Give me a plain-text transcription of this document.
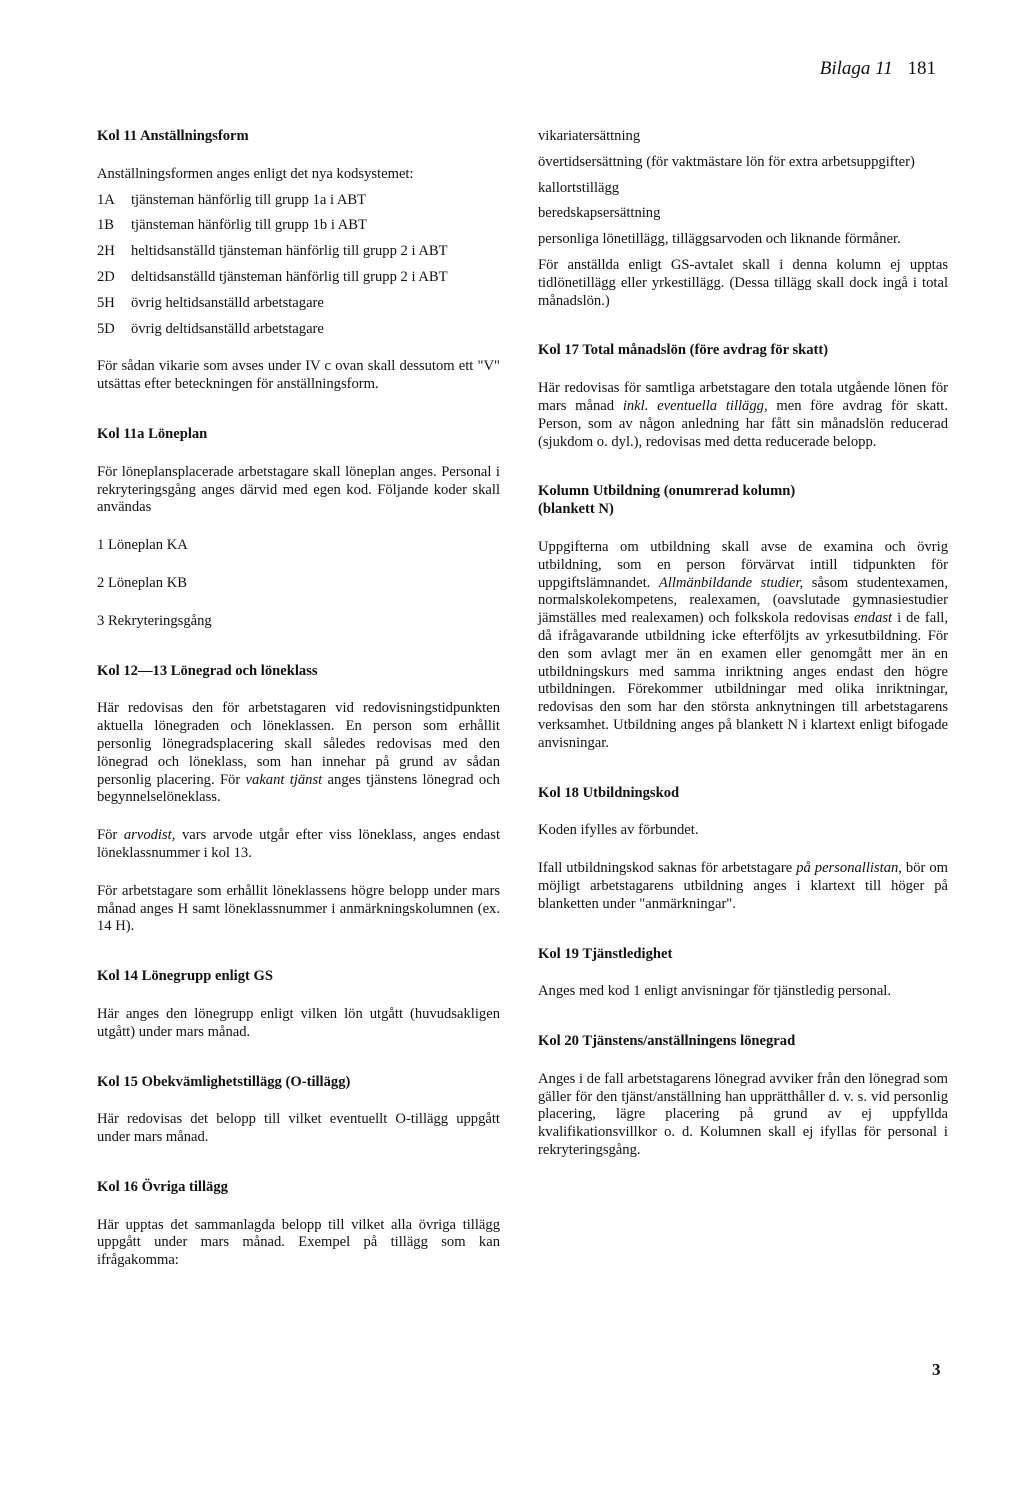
Bilaga 11 181

Kol 11 Anställningsform

Anställningsformen anges enligt det nya kodsystemet:

1A	tjänsteman hänförlig till grupp 1a i ABT
1B	tjänsteman hänförlig till grupp 1b i ABT
2H	heltidsanställd tjänsteman hänförlig till grupp 2 i ABT
2D	deltidsanställd tjänsteman hänförlig till grupp 2 i ABT
5H	övrig heltidsanställd arbetstagare
5D	övrig deltidsanställd arbetstagare

För sådan vikarie som avses under IV c ovan skall dessutom ett "V" utsättas efter beteckningen för anställningsform.

Kol 11a Löneplan

För löneplansplacerade arbetstagare skall löneplan anges. Personal i rekryteringsgång anges därvid med egen kod. Följande koder skall användas

1 Löneplan KA

2 Löneplan KB

3 Rekryteringsgång

Kol 12—13 Lönegrad och löneklass

Här redovisas den för arbetstagaren vid redovisningstidpunkten aktuella lönegraden och löneklassen. En person som erhållit personlig lönegradsplacering skall således redovisas med den lönegrad och löneklass, som han innehar på grund av sådan personlig placering. För vakant tjänst anges tjänstens lönegrad och begynnelselöneklass.

För arvodist, vars arvode utgår efter viss löneklass, anges endast löneklassnummer i kol 13.

För arbetstagare som erhållit löneklassens högre belopp under mars månad anges H samt löneklassnummer i anmärkningskolumnen (ex. 14 H).

Kol 14 Lönegrupp enligt GS

Här anges den lönegrupp enligt vilken lön utgått (huvudsakligen utgått) under mars månad.

Kol 15 Obekvämlighetstillägg (O-tillägg)

Här redovisas det belopp till vilket eventuellt O-tillägg uppgått under mars månad.

Kol 16 Övriga tillägg

Här upptas det sammanlagda belopp till vilket alla övriga tillägg uppgått under mars månad. Exempel på tillägg som kan ifrågakomma:

vikariatersättning

övertidsersättning (för vaktmästare lön för extra arbetsuppgifter)

kallortstillägg

beredskapsersättning

personliga lönetillägg, tilläggsarvoden och liknande förmåner.

För anställda enligt GS-avtalet skall i denna kolumn ej upptas tidlönetillägg eller yrkestillägg. (Dessa tillägg skall dock ingå i total månadslön.)

Kol 17 Total månadslön (före avdrag för skatt)

Här redovisas för samtliga arbetstagare den totala utgående lönen för mars månad inkl. eventuella tillägg, men före avdrag för skatt. Person, som av någon anledning har fått sin månadslön reducerad (sjukdom o. dyl.), redovisas med detta reducerade belopp.

Kolumn Utbildning (onumrerad kolumn)

(blankett N)

Uppgifterna om utbildning skall avse de examina och övrig utbildning, som en person förvärvat intill tidpunkten för uppgiftslämnandet. Allmänbildande studier, såsom studentexamen, normalskolekompetens, realexamen, (oavslutade gymnasiestudier jämställes med realexamen) och folkskola redovisas endast i de fall, då ifrågavarande utbildning icke efterföljts av yrkesutbildning. För den som avlagt mer än en examen eller genomgått mer än en utbildningskurs med samma inriktning anges endast den högre utbildningen. Förekommer utbildningar med olika inriktningar, redovisas den som har den största anknytningen till arbetstagarens verksamhet. Utbildning anges på blankett N i klartext enligt bifogade anvisningar.

Kol 18 Utbildningskod

Koden ifylles av förbundet.

Ifall utbildningskod saknas för arbetstagare på personallistan, bör om möjligt arbetstagarens utbildning anges i klartext till höger på blanketten under "anmärkningar".

Kol 19 Tjänstledighet

Anges med kod 1 enligt anvisningar för tjänstledig personal.

Kol 20 Tjänstens/anställningens lönegrad

Anges i de fall arbetstagarens lönegrad avviker från den lönegrad som gäller för den tjänst/anställning han upprätthåller d. v. s. vid personlig placering, lägre placering på grund av ej uppfyllda kvalifikationsvillkor o. d. Kolumnen skall ej ifyllas för personal i rekryteringsgång.

3
